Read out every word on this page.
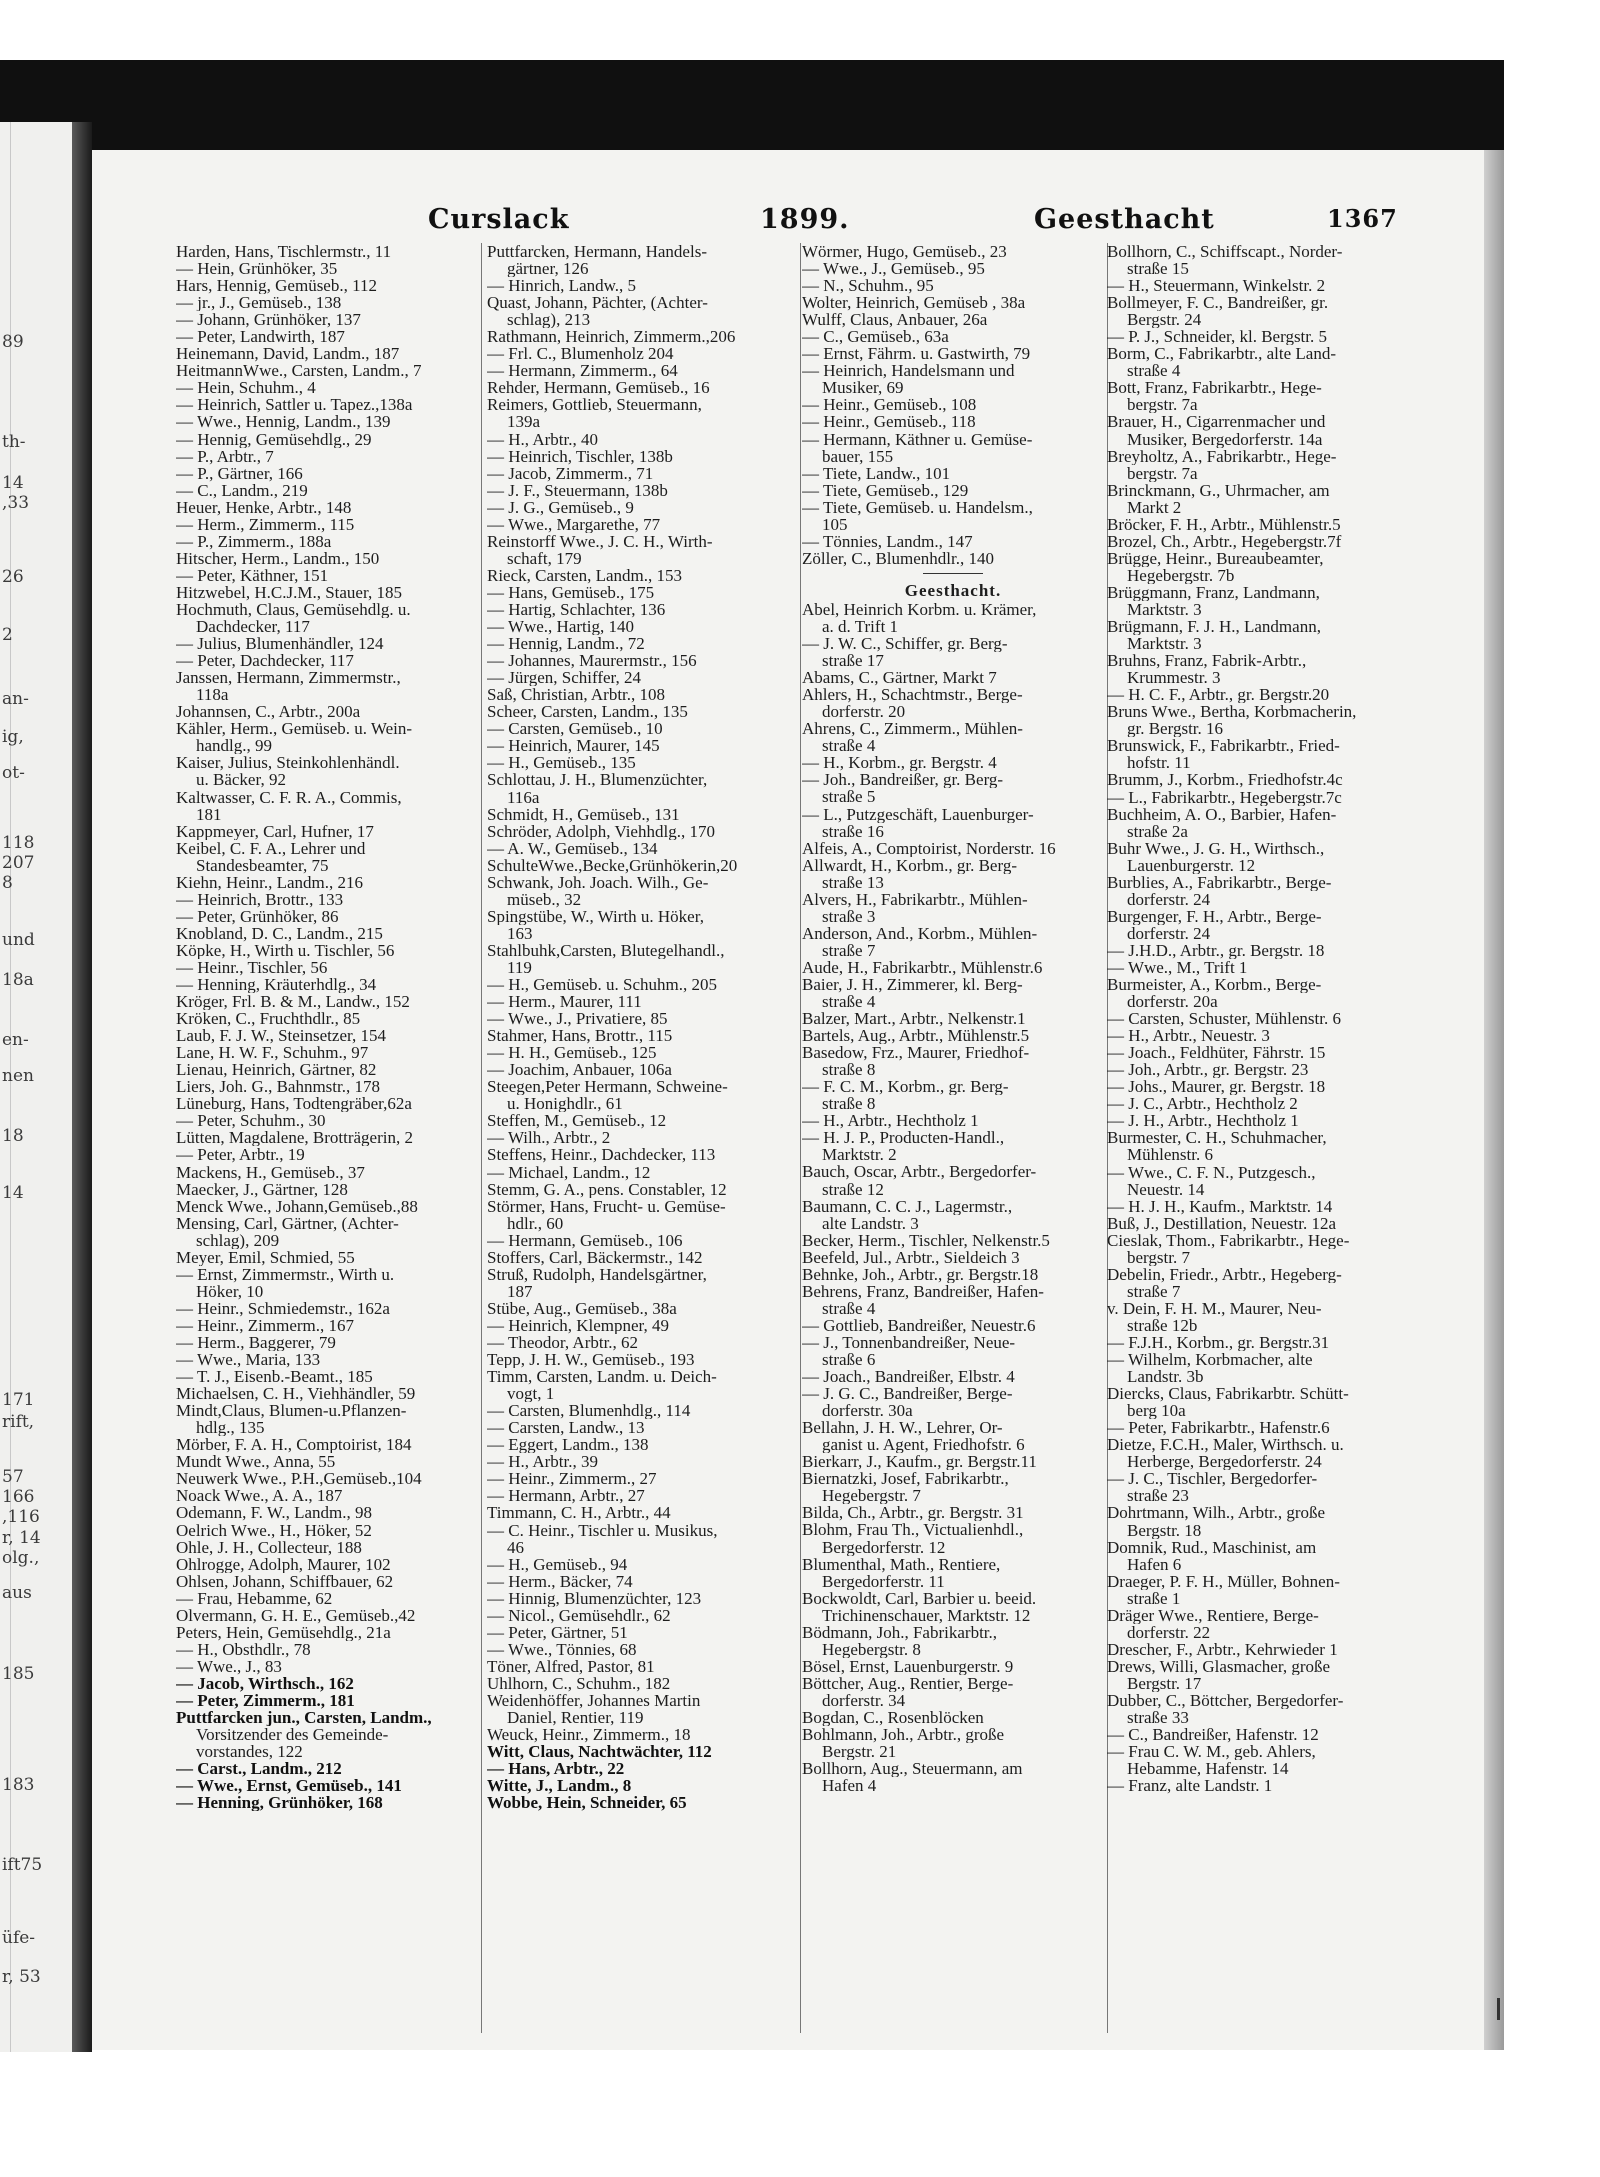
89
th-
14
,33
26
2
an-
ig,
ot-
118
207
8
und
18a
en-
nen
18
14
171
rift,
57
166
,116
r, 14
olg.,
aus
185
183
ift75
üfe-
r, 53
Curslack	1899.	Geesthacht	1367
Harden, Hans, Tischlermstr., 11
— Hein, Grünhöker, 35
Hars, Hennig, Gemüseb., 112
— jr., J., Gemüseb., 138
— Johann, Grünhöker, 137
— Peter, Landwirth, 187
Heinemann, David, Landm., 187
HeitmannWwe., Carsten, Landm., 7
— Hein, Schuhm., 4
— Heinrich, Sattler u. Tapez.,138a
— Wwe., Hennig, Landm., 139
— Hennig, Gemüsehdlg., 29
— P., Arbtr., 7
— P., Gärtner, 166
— C., Landm., 219
Heuer, Henke, Arbtr., 148
— Herm., Zimmerm., 115
— P., Zimmerm., 188a
Hitscher, Herm., Landm., 150
— Peter, Käthner, 151
Hitzwebel, H.C.J.M., Stauer, 185
Hochmuth, Claus, Gemüsehdlg. u.
Dachdecker, 117
— Julius, Blumenhändler, 124
— Peter, Dachdecker, 117
Janssen, Hermann, Zimmermstr.,
118a
Johannsen, C., Arbtr., 200a
Kähler, Herm., Gemüseb. u. Wein-
handlg., 99
Kaiser, Julius, Steinkohlenhändl.
u. Bäcker, 92
Kaltwasser, C. F. R. A., Commis,
181
Kappmeyer, Carl, Hufner, 17
Keibel, C. F. A., Lehrer und
Standesbeamter, 75
Kiehn, Heinr., Landm., 216
— Heinrich, Brottr., 133
— Peter, Grünhöker, 86
Knobland, D. C., Landm., 215
Köpke, H., Wirth u. Tischler, 56
— Heinr., Tischler, 56
— Henning, Kräuterhdlg., 34
Kröger, Frl. B. & M., Landw., 152
Kröken, C., Fruchthdlr., 85
Laub, F. J. W., Steinsetzer, 154
Lane, H. W. F., Schuhm., 97
Lienau, Heinrich, Gärtner, 82
Liers, Joh. G., Bahnmstr., 178
Lüneburg, Hans, Todtengräber,62a
— Peter, Schuhm., 30
Lütten, Magdalene, Brotträgerin, 2
— Peter, Arbtr., 19
Mackens, H., Gemüseb., 37
Maecker, J., Gärtner, 128
Menck Wwe., Johann,Gemüseb.,88
Mensing, Carl, Gärtner, (Achter-
schlag), 209
Meyer, Emil, Schmied, 55
— Ernst, Zimmermstr., Wirth u.
Höker, 10
— Heinr., Schmiedemstr., 162a
— Heinr., Zimmerm., 167
— Herm., Baggerer, 79
— Wwe., Maria, 133
— T. J., Eisenb.-Beamt., 185
Michaelsen, C. H., Viehhändler, 59
Mindt,Claus, Blumen-u.Pflanzen-
hdlg., 135
Mörber, F. A. H., Comptoirist, 184
Mundt Wwe., Anna, 55
Neuwerk Wwe., P.H.,Gemüseb.,104
Noack Wwe., A. A., 187
Odemann, F. W., Landm., 98
Oelrich Wwe., H., Höker, 52
Ohle, J. H., Collecteur, 188
Ohlrogge, Adolph, Maurer, 102
Ohlsen, Johann, Schiffbauer, 62
— Frau, Hebamme, 62
Olvermann, G. H. E., Gemüseb.,42
Peters, Hein, Gemüsehdlg., 21a
— H., Obsthdlr., 78
— Wwe., J., 83
— Jacob, Wirthsch., 162
— Peter, Zimmerm., 181
Puttfarcken jun., Carsten, Landm.,
Vorsitzender des Gemeinde-
vorstandes, 122
— Carst., Landm., 212
— Wwe., Ernst, Gemüseb., 141
— Henning, Grünhöker, 168
Puttfarcken, Hermann, Handels-
gärtner, 126
— Hinrich, Landw., 5
Quast, Johann, Pächter, (Achter-
schlag), 213
Rathmann, Heinrich, Zimmerm.,206
— Frl. C., Blumenholz 204
— Hermann, Zimmerm., 64
Rehder, Hermann, Gemüseb., 16
Reimers, Gottlieb, Steuermann,
139a
— H., Arbtr., 40
— Heinrich, Tischler, 138b
— Jacob, Zimmerm., 71
— J. F., Steuermann, 138b
— J. G., Gemüseb., 9
— Wwe., Margarethe, 77
Reinstorff Wwe., J. C. H., Wirth-
schaft, 179
Rieck, Carsten, Landm., 153
— Hans, Gemüseb., 175
— Hartig, Schlachter, 136
— Wwe., Hartig, 140
— Hennig, Landm., 72
— Johannes, Maurermstr., 156
— Jürgen, Schiffer, 24
Saß, Christian, Arbtr., 108
Scheer, Carsten, Landm., 135
— Carsten, Gemüseb., 10
— Heinrich, Maurer, 145
— H., Gemüseb., 135
Schlottau, J. H., Blumenzüchter,
116a
Schmidt, H., Gemüseb., 131
Schröder, Adolph, Viehhdlg., 170
— A. W., Gemüseb., 134
SchulteWwe.,Becke,Grünhökerin,20
Schwank, Joh. Joach. Wilh., Ge-
müseb., 32
Spingstübe, W., Wirth u. Höker,
163
Stahlbuhk,Carsten, Blutegelhandl.,
119
— H., Gemüseb. u. Schuhm., 205
— Herm., Maurer, 111
— Wwe., J., Privatiere, 85
Stahmer, Hans, Brottr., 115
— H. H., Gemüseb., 125
— Joachim, Anbauer, 106a
Steegen,Peter Hermann, Schweine-
u. Honighdlr., 61
Steffen, M., Gemüseb., 12
— Wilh., Arbtr., 2
Steffens, Heinr., Dachdecker, 113
— Michael, Landm., 12
Stemm, G. A., pens. Constabler, 12
Störmer, Hans, Frucht- u. Gemüse-
hdlr., 60
— Hermann, Gemüseb., 106
Stoffers, Carl, Bäckermstr., 142
Struß, Rudolph, Handelsgärtner,
187
Stübe, Aug., Gemüseb., 38a
— Heinrich, Klempner, 49
— Theodor, Arbtr., 62
Tepp, J. H. W., Gemüseb., 193
Timm, Carsten, Landm. u. Deich-
vogt, 1
— Carsten, Blumenhdlg., 114
— Carsten, Landw., 13
— Eggert, Landm., 138
— H., Arbtr., 39
— Heinr., Zimmerm., 27
— Hermann, Arbtr., 27
Timmann, C. H., Arbtr., 44
— C. Heinr., Tischler u. Musikus,
46
— H., Gemüseb., 94
— Herm., Bäcker, 74
— Hinnig, Blumenzüchter, 123
— Nicol., Gemüsehdlr., 62
— Peter, Gärtner, 51
— Wwe., Tönnies, 68
Töner, Alfred, Pastor, 81
Uhlhorn, C., Schuhm., 182
Weidenhöffer, Johannes Martin
Daniel, Rentier, 119
Weuck, Heinr., Zimmerm., 18
Witt, Claus, Nachtwächter, 112
— Hans, Arbtr., 22
Witte, J., Landm., 8
Wobbe, Hein, Schneider, 65
Wörmer, Hugo, Gemüseb., 23
— Wwe., J., Gemüseb., 95
— N., Schuhm., 95
Wolter, Heinrich, Gemüseb , 38a
Wulff, Claus, Anbauer, 26a
— C., Gemüseb., 63a
— Ernst, Fährm. u. Gastwirth, 79
— Heinrich, Handelsmann und
Musiker, 69
— Heinr., Gemüseb., 108
— Heinr., Gemüseb., 118
— Hermann, Käthner u. Gemüse-
bauer, 155
— Tiete, Landw., 101
— Tiete, Gemüseb., 129
— Tiete, Gemüseb. u. Handelsm.,
105
— Tönnies, Landm., 147
Zöller, C., Blumenhdlr., 140
Geesthacht.
Abel, Heinrich Korbm. u. Krämer,
a. d. Trift 1
— J. W. C., Schiffer, gr. Berg-
straße 17
Abams, C., Gärtner, Markt 7
Ahlers, H., Schachtmstr., Berge-
dorferstr. 20
Ahrens, C., Zimmerm., Mühlen-
straße 4
— H., Korbm., gr. Bergstr. 4
— Joh., Bandreißer, gr. Berg-
straße 5
— L., Putzgeschäft, Lauenburger-
straße 16
Alfeis, A., Comptoirist, Norderstr. 16
Allwardt, H., Korbm., gr. Berg-
straße 13
Alvers, H., Fabrikarbtr., Mühlen-
straße 3
Anderson, And., Korbm., Mühlen-
straße 7
Aude, H., Fabrikarbtr., Mühlenstr.6
Baier, J. H., Zimmerer, kl. Berg-
straße 4
Balzer, Mart., Arbtr., Nelkenstr.1
Bartels, Aug., Arbtr., Mühlenstr.5
Basedow, Frz., Maurer, Friedhof-
straße 8
— F. C. M., Korbm., gr. Berg-
straße 8
— H., Arbtr., Hechtholz 1
— H. J. P., Producten-Handl.,
Marktstr. 2
Bauch, Oscar, Arbtr., Bergedorfer-
straße 12
Baumann, C. C. J., Lagermstr.,
alte Landstr. 3
Becker, Herm., Tischler, Nelkenstr.5
Beefeld, Jul., Arbtr., Sieldeich 3
Behnke, Joh., Arbtr., gr. Bergstr.18
Behrens, Franz, Bandreißer, Hafen-
straße 4
— Gottlieb, Bandreißer, Neuestr.6
— J., Tonnenbandreißer, Neue-
straße 6
— Joach., Bandreißer, Elbstr. 4
— J. G. C., Bandreißer, Berge-
dorferstr. 30a
Bellahn, J. H. W., Lehrer, Or-
ganist u. Agent, Friedhofstr. 6
Bierkarr, J., Kaufm., gr. Bergstr.11
Biernatzki, Josef, Fabrikarbtr.,
Hegebergstr. 7
Bilda, Ch., Arbtr., gr. Bergstr. 31
Blohm, Frau Th., Victualienhdl.,
Bergedorferstr. 12
Blumenthal, Math., Rentiere,
Bergedorferstr. 11
Bockwoldt, Carl, Barbier u. beeid.
Trichinenschauer, Marktstr. 12
Bödmann, Joh., Fabrikarbtr.,
Hegebergstr. 8
Bösel, Ernst, Lauenburgerstr. 9
Böttcher, Aug., Rentier, Berge-
dorferstr. 34
Bogdan, C., Rosenblöcken
Bohlmann, Joh., Arbtr., große
Bergstr. 21
Bollhorn, Aug., Steuermann, am
Hafen 4
Bollhorn, C., Schiffscapt., Norder-
straße 15
— H., Steuermann, Winkelstr. 2
Bollmeyer, F. C., Bandreißer, gr.
Bergstr. 24
— P. J., Schneider, kl. Bergstr. 5
Borm, C., Fabrikarbtr., alte Land-
straße 4
Bott, Franz, Fabrikarbtr., Hege-
bergstr. 7a
Brauer, H., Cigarrenmacher und
Musiker, Bergedorferstr. 14a
Breyholtz, A., Fabrikarbtr., Hege-
bergstr. 7a
Brinckmann, G., Uhrmacher, am
Markt 2
Bröcker, F. H., Arbtr., Mühlenstr.5
Brozel, Ch., Arbtr., Hegebergstr.7f
Brügge, Heinr., Bureaubeamter,
Hegebergstr. 7b
Brüggmann, Franz, Landmann,
Marktstr. 3
Brügmann, F. J. H., Landmann,
Marktstr. 3
Bruhns, Franz, Fabrik-Arbtr.,
Krummestr. 3
— H. C. F., Arbtr., gr. Bergstr.20
Bruns Wwe., Bertha, Korbmacherin,
gr. Bergstr. 16
Brunswick, F., Fabrikarbtr., Fried-
hofstr. 11
Brumm, J., Korbm., Friedhofstr.4c
— L., Fabrikarbtr., Hegebergstr.7c
Buchheim, A. O., Barbier, Hafen-
straße 2a
Buhr Wwe., J. G. H., Wirthsch.,
Lauenburgerstr. 12
Burblies, A., Fabrikarbtr., Berge-
dorferstr. 24
Burgenger, F. H., Arbtr., Berge-
dorferstr. 24
— J.H.D., Arbtr., gr. Bergstr. 18
— Wwe., M., Trift 1
Burmeister, A., Korbm., Berge-
dorferstr. 20a
— Carsten, Schuster, Mühlenstr. 6
— H., Arbtr., Neuestr. 3
— Joach., Feldhüter, Fährstr. 15
— Joh., Arbtr., gr. Bergstr. 23
— Johs., Maurer, gr. Bergstr. 18
— J. C., Arbtr., Hechtholz 2
— J. H., Arbtr., Hechtholz 1
Burmester, C. H., Schuhmacher,
Mühlenstr. 6
— Wwe., C. F. N., Putzgesch.,
Neuestr. 14
— H. J. H., Kaufm., Marktstr. 14
Buß, J., Destillation, Neuestr. 12a
Cieslak, Thom., Fabrikarbtr., Hege-
bergstr. 7
Debelin, Friedr., Arbtr., Hegeberg-
straße 7
v. Dein, F. H. M., Maurer, Neu-
straße 12b
— F.J.H., Korbm., gr. Bergstr.31
— Wilhelm, Korbmacher, alte
Landstr. 3b
Diercks, Claus, Fabrikarbtr. Schütt-
berg 10a
— Peter, Fabrikarbtr., Hafenstr.6
Dietze, F.C.H., Maler, Wirthsch. u.
Herberge, Bergedorferstr. 24
— J. C., Tischler, Bergedorfer-
straße 23
Dohrtmann, Wilh., Arbtr., große
Bergstr. 18
Domnik, Rud., Maschinist, am
Hafen 6
Draeger, P. F. H., Müller, Bohnen-
straße 1
Dräger Wwe., Rentiere, Berge-
dorferstr. 22
Drescher, F., Arbtr., Kehrwieder 1
Drews, Willi, Glasmacher, große
Bergstr. 17
Dubber, C., Böttcher, Bergedorfer-
straße 33
— C., Bandreißer, Hafenstr. 12
— Frau C. W. M., geb. Ahlers,
Hebamme, Hafenstr. 14
— Franz, alte Landstr. 1
